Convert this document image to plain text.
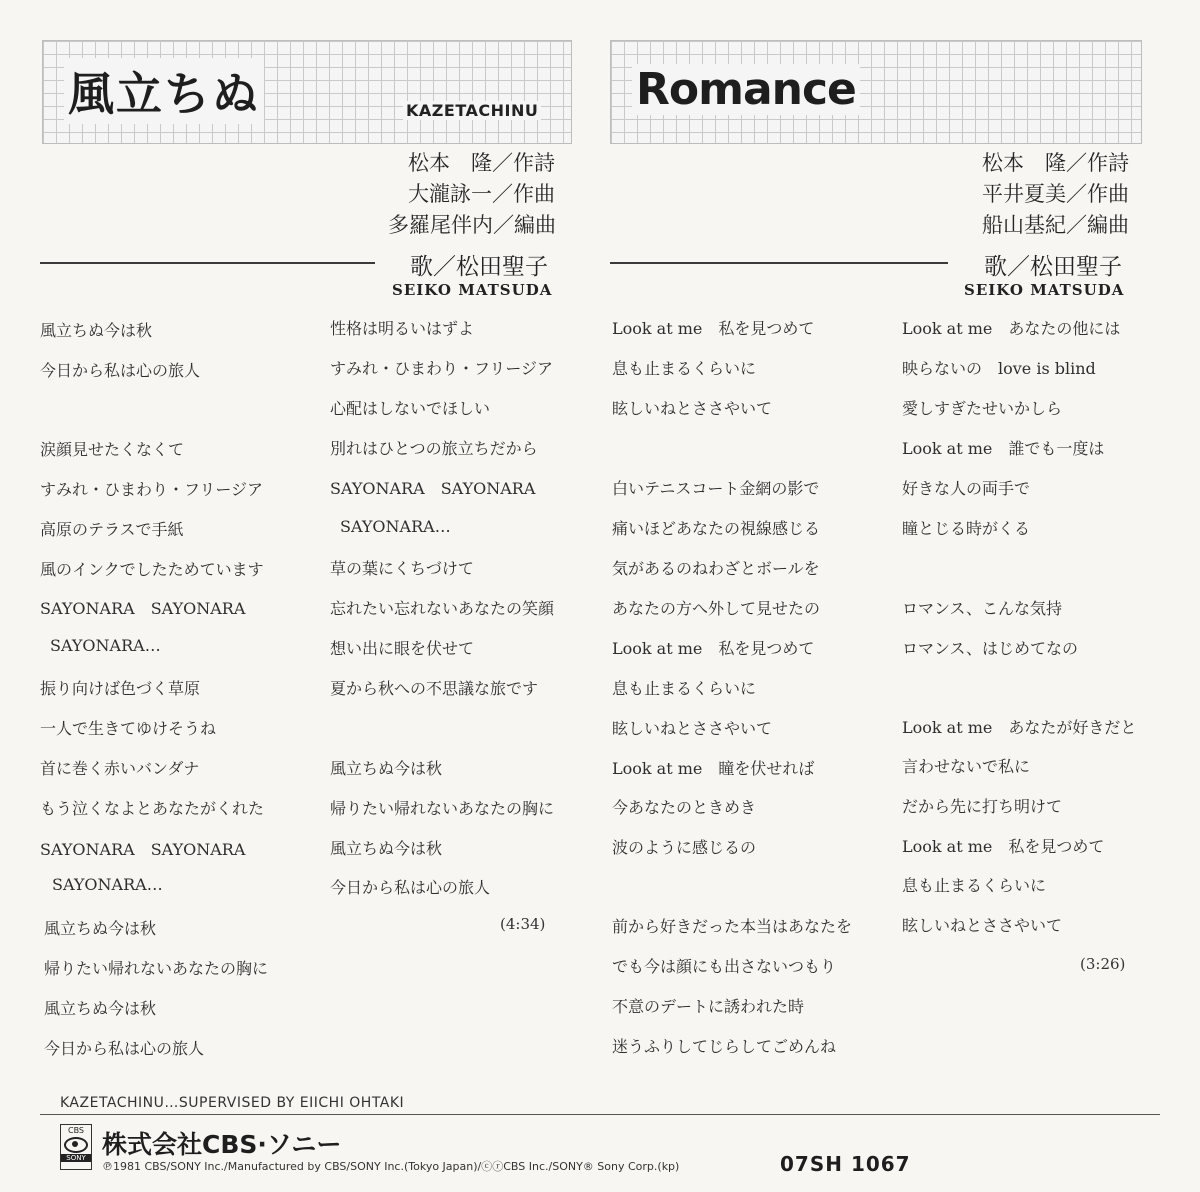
風立ちぬ	KAZETACHINU
松本　隆／作詩
大瀧詠一／作曲
多羅尾伴内／編曲
歌／松田聖子
SEIKO MATSUDA
Romance
松本　隆／作詩
平井夏美／作曲
船山基紀／編曲
歌／松田聖子
SEIKO MATSUDA
風立ちぬ今は秋
今日から私は心の旅人
涙顔見せたくなくて
すみれ・ひまわり・フリージア
高原のテラスで手紙
風のインクでしたためています
SAYONARA　SAYONARA
SAYONARA…
振り向けば色づく草原
一人で生きてゆけそうね
首に巻く赤いバンダナ
もう泣くなよとあなたがくれた
SAYONARA　SAYONARA
SAYONARA…
風立ちぬ今は秋
帰りたい帰れないあなたの胸に
風立ちぬ今は秋
今日から私は心の旅人
性格は明るいはずよ
すみれ・ひまわり・フリージア
心配はしないでほしい
別れはひとつの旅立ちだから
SAYONARA　SAYONARA
SAYONARA…
草の葉にくちづけて
忘れたい忘れないあなたの笑顔
想い出に眼を伏せて
夏から秋への不思議な旅です
風立ちぬ今は秋
帰りたい帰れないあなたの胸に
風立ちぬ今は秋
今日から私は心の旅人
(4:34)
Look at me　私を見つめて
息も止まるくらいに
眩しいねとささやいて
白いテニスコート金網の影で
痛いほどあなたの視線感じる
気があるのねわざとボールを
あなたの方へ外して見せたの
Look at me　私を見つめて
息も止まるくらいに
眩しいねとささやいて
Look at me　瞳を伏せれば
今あなたのときめき
波のように感じるの
前から好きだった本当はあなたを
でも今は顔にも出さないつもり
不意のデートに誘われた時
迷うふりしてじらしてごめんね
Look at me　あなたの他には
映らないの　love is blind
愛しすぎたせいかしら
Look at me　誰でも一度は
好きな人の両手で
瞳とじる時がくる
ロマンス、こんな気持
ロマンス、はじめてなの
Look at me　あなたが好きだと
言わせないで私に
だから先に打ち明けて
Look at me　私を見つめて
息も止まるくらいに
眩しいねとささやいて
(3:26)
KAZETACHINU…SUPERVISED BY EIICHI OHTAKI
CBS
SONY 株式会社CBS·ソニー
℗1981 CBS/SONY Inc./Manufactured by CBS/SONY Inc.(Tokyo Japan)/ⓒⓡCBS Inc./SONY® Sony Corp.(kp)	07SH 1067
